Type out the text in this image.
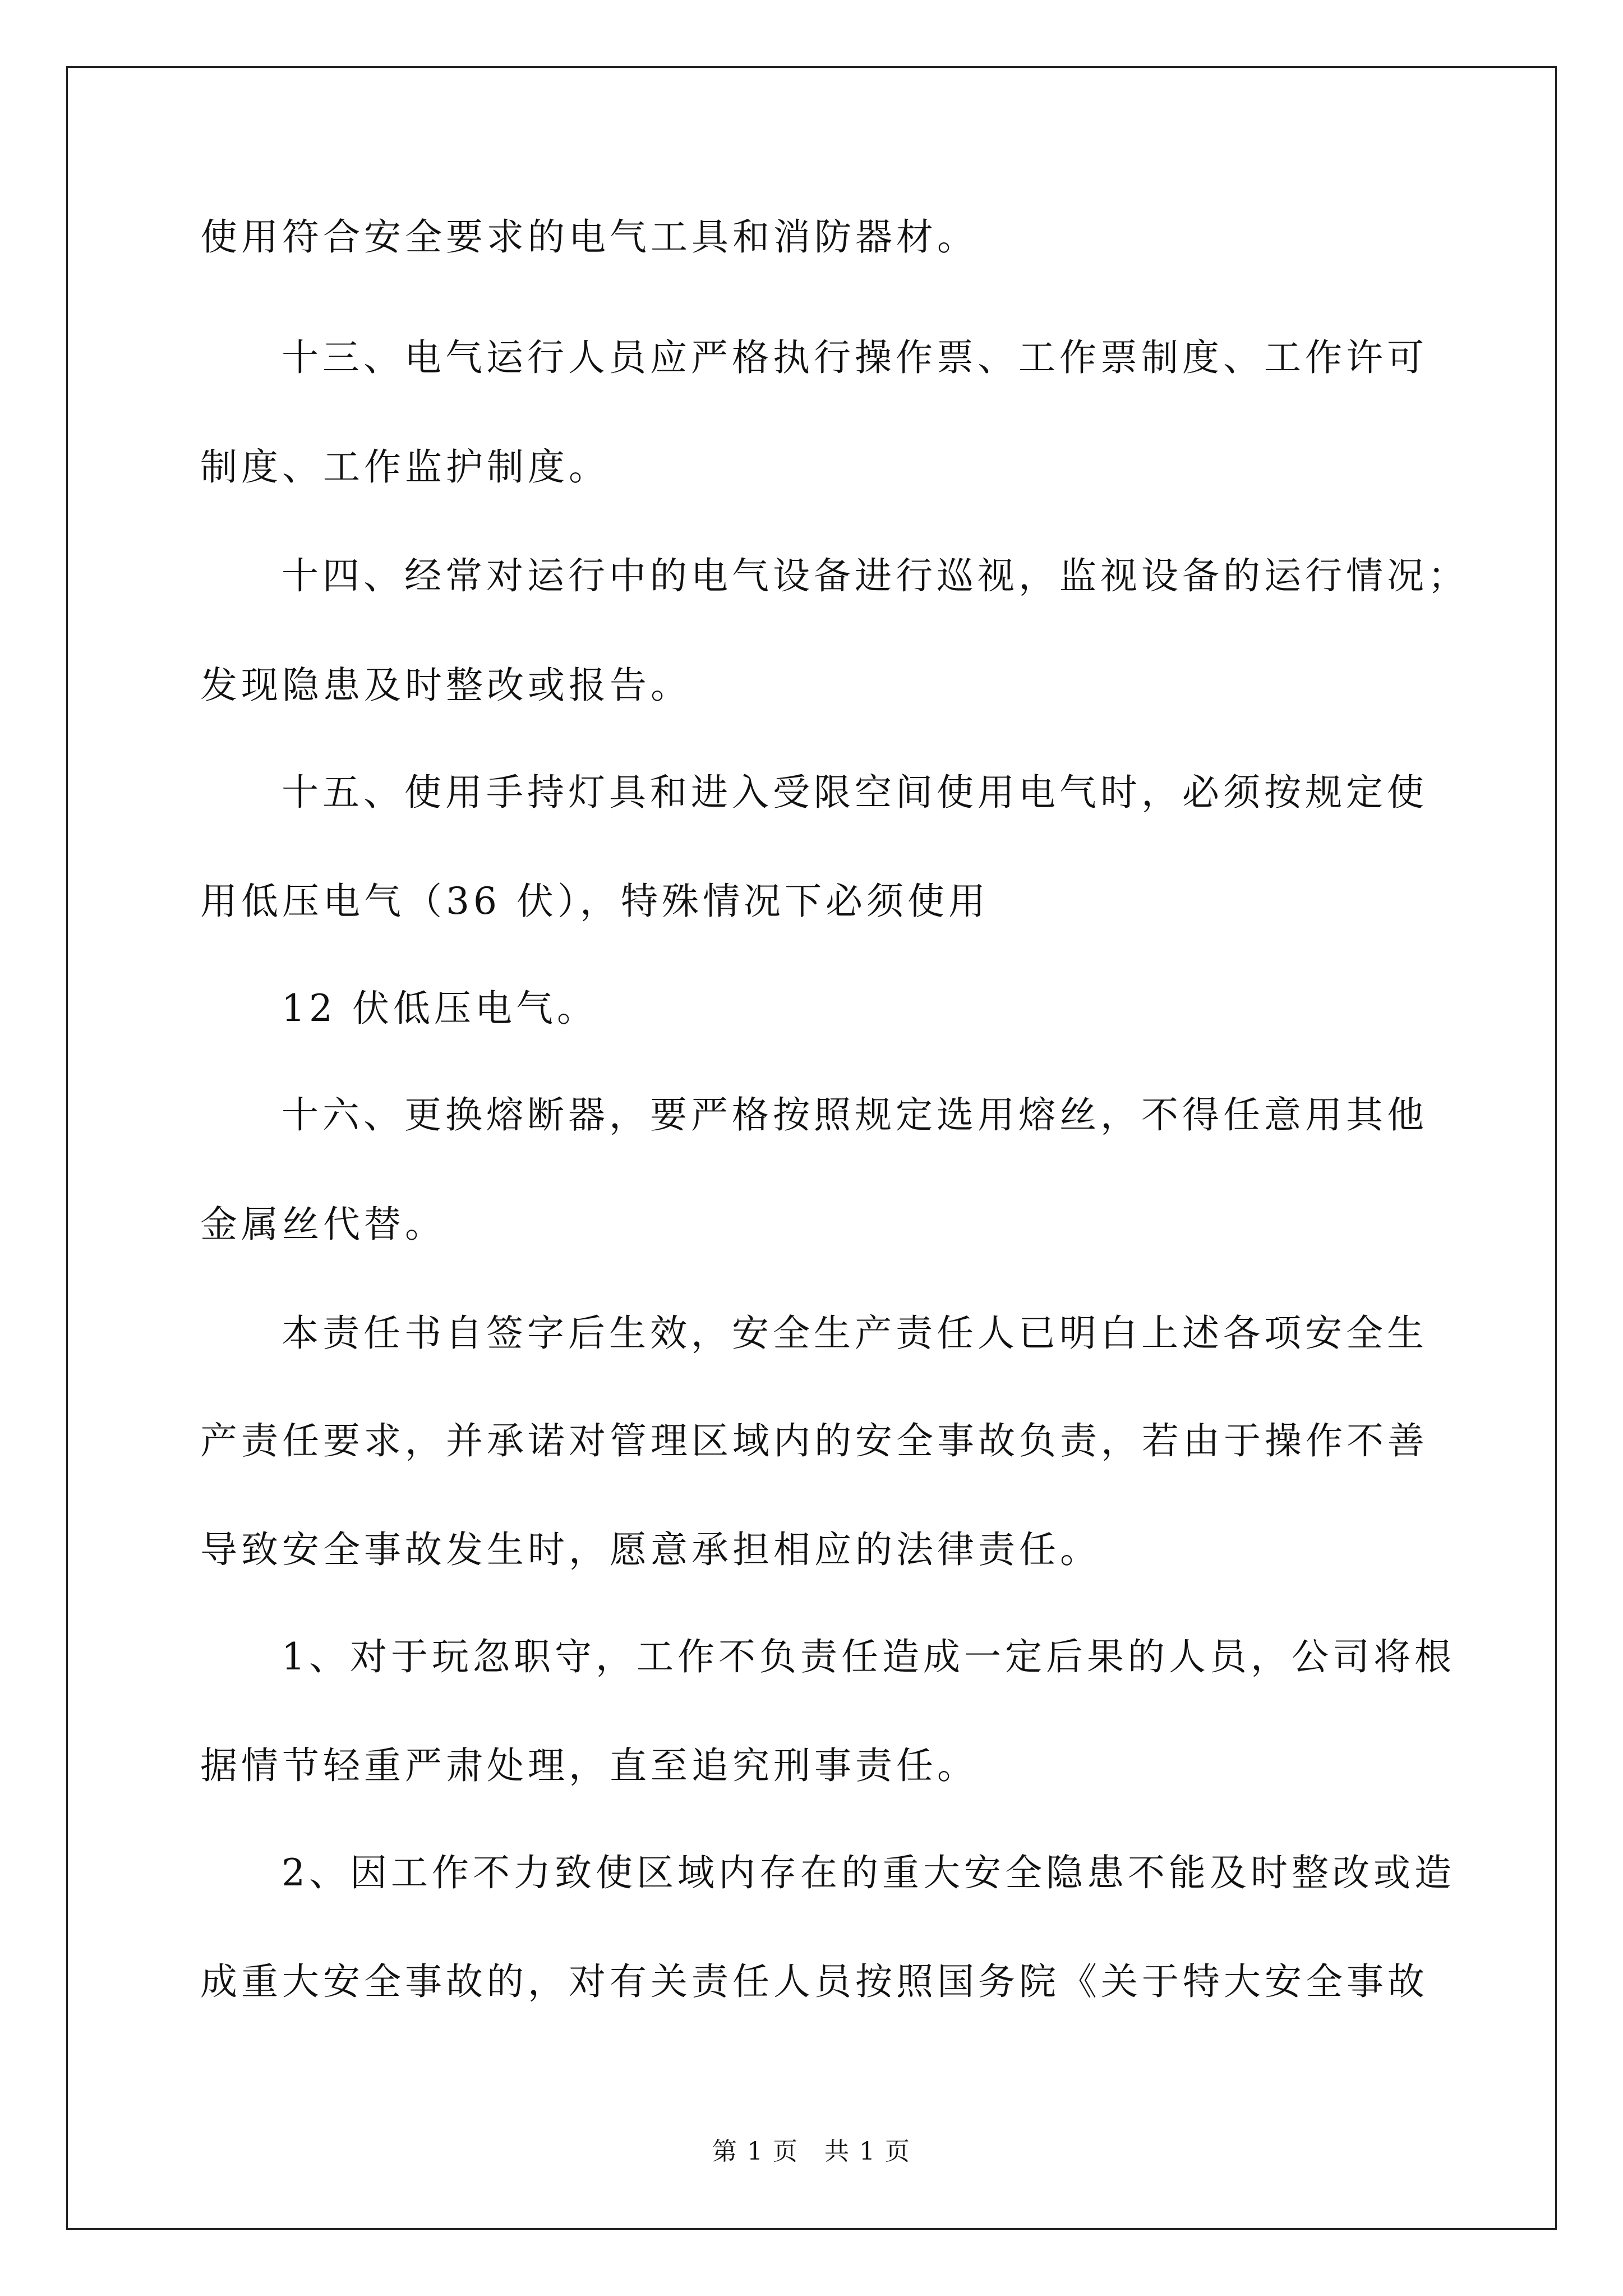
使用符合安全要求的电气工具和消防器材。
十三、电气运行人员应严格执行操作票、工作票制度、工作许可
制度、工作监护制度。
十四、经常对运行中的电气设备进行巡视，监视设备的运行情况；
发现隐患及时整改或报告。
十五、使用手持灯具和进入受限空间使用电气时，必须按规定使
用低压电气（36 伏），特殊情况下必须使用
12 伏低压电气。
十六、更换熔断器，要严格按照规定选用熔丝，不得任意用其他
金属丝代替。
本责任书自签字后生效，安全生产责任人已明白上述各项安全生
产责任要求，并承诺对管理区域内的安全事故负责，若由于操作不善
导致安全事故发生时，愿意承担相应的法律责任。
1、对于玩忽职守，工作不负责任造成一定后果的人员，公司将根
据情节轻重严肃处理，直至追究刑事责任。
2、因工作不力致使区域内存在的重大安全隐患不能及时整改或造
成重大安全事故的，对有关责任人员按照国务院《关于特大安全事故
第 1 页　共 1 页
